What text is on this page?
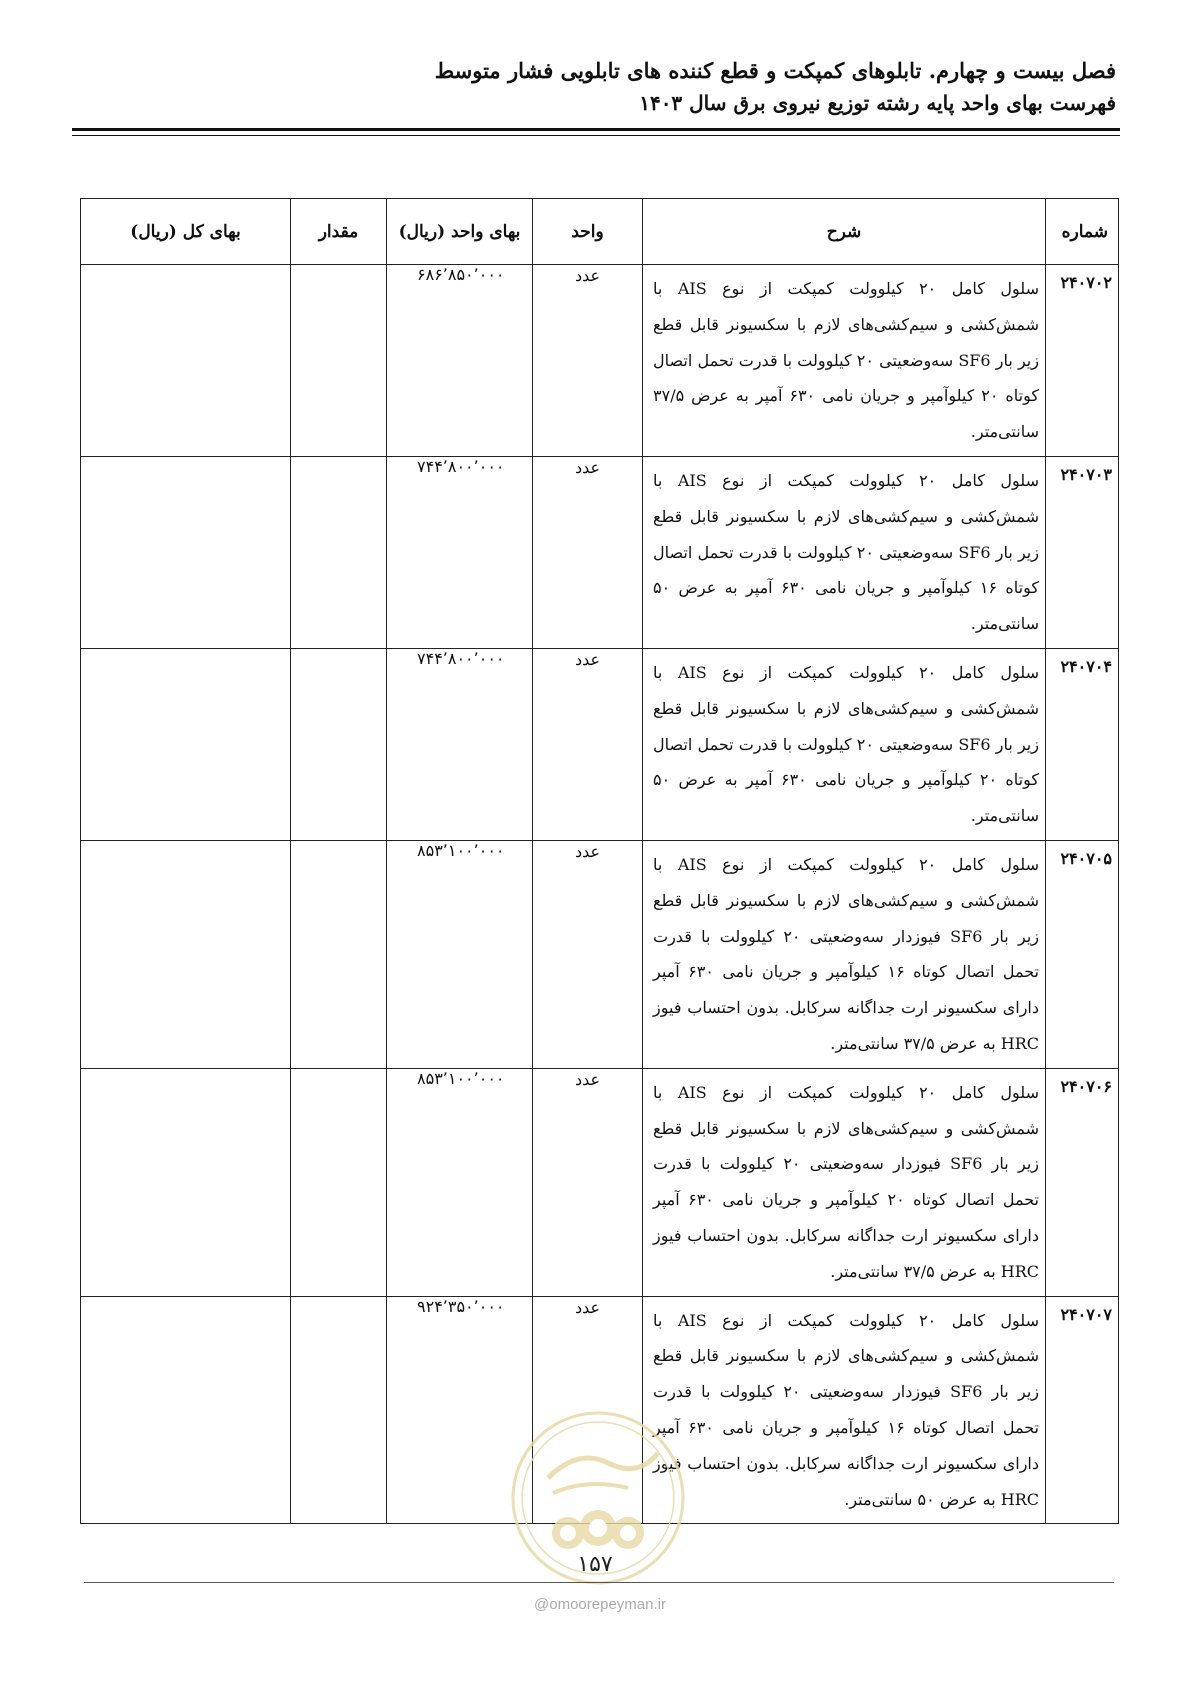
فصل بیست و چهارم. تابلوهای کمپکت و قطع کننده های تابلویی فشار متوسط
فهرست بهای واحد پایه رشته توزیع نیروی برق سال ۱۴۰۳
شماره	شرح	واحد	بهای واحد (ریال)	مقدار	بهای کل (ریال)
۲۴۰۷۰۲	سلول کامل ۲۰ کیلوولت کمپکت از نوع AIS با شمش‌کشی و سیم‌کشی‌های لازم با سکسیونر قابل قطع زیر بار SF6 سه‌وضعیتی ۲۰ کیلوولت با قدرت تحمل اتصال کوتاه ۲۰ کیلوآمپر و جریان نامی ۶۳۰ آمپر به عرض ۳۷/۵ سانتی‌متر.	عدد	۶۸۶٬۸۵۰٬۰۰۰		
۲۴۰۷۰۳	سلول کامل ۲۰ کیلوولت کمپکت از نوع AIS با شمش‌کشی و سیم‌کشی‌های لازم با سکسیونر قابل قطع زیر بار SF6 سه‌وضعیتی ۲۰ کیلوولت با قدرت تحمل اتصال کوتاه ۱۶ کیلوآمپر و جریان نامی ۶۳۰ آمپر به عرض ۵۰ سانتی‌متر.	عدد	۷۴۴٬۸۰۰٬۰۰۰		
۲۴۰۷۰۴	سلول کامل ۲۰ کیلوولت کمپکت از نوع AIS با شمش‌کشی و سیم‌کشی‌های لازم با سکسیونر قابل قطع زیر بار SF6 سه‌وضعیتی ۲۰ کیلوولت با قدرت تحمل اتصال کوتاه ۲۰ کیلوآمپر و جریان نامی ۶۳۰ آمپر به عرض ۵۰ سانتی‌متر.	عدد	۷۴۴٬۸۰۰٬۰۰۰		
۲۴۰۷۰۵	سلول کامل ۲۰ کیلوولت کمپکت از نوع AIS با شمش‌کشی و سیم‌کشی‌های لازم با سکسیونر قابل قطع زیر بار SF6 فیوزدار سه‌وضعیتی ۲۰ کیلوولت با قدرت تحمل اتصال کوتاه ۱۶ کیلوآمپر و جریان نامی ۶۳۰ آمپر دارای سکسیونر ارت جداگانه سرکابل. بدون احتساب فیوز HRC به عرض ۳۷/۵ سانتی‌متر.	عدد	۸۵۳٬۱۰۰٬۰۰۰		
۲۴۰۷۰۶	سلول کامل ۲۰ کیلوولت کمپکت از نوع AIS با شمش‌کشی و سیم‌کشی‌های لازم با سکسیونر قابل قطع زیر بار SF6 فیوزدار سه‌وضعیتی ۲۰ کیلوولت با قدرت تحمل اتصال کوتاه ۲۰ کیلوآمپر و جریان نامی ۶۳۰ آمپر دارای سکسیونر ارت جداگانه سرکابل. بدون احتساب فیوز HRC به عرض ۳۷/۵ سانتی‌متر.	عدد	۸۵۳٬۱۰۰٬۰۰۰		
۲۴۰۷۰۷	سلول کامل ۲۰ کیلوولت کمپکت از نوع AIS با شمش‌کشی و سیم‌کشی‌های لازم با سکسیونر قابل قطع زیر بار SF6 فیوزدار سه‌وضعیتی ۲۰ کیلوولت با قدرت تحمل اتصال کوتاه ۱۶ کیلوآمپر و جریان نامی ۶۳۰ آمپر دارای سکسیونر ارت جداگانه سرکابل. بدون احتساب فیوز HRC به عرض ۵۰ سانتی‌متر.	عدد	۹۲۴٬۳۵۰٬۰۰۰		
۱۵۷
@omoorepeyman.ir
